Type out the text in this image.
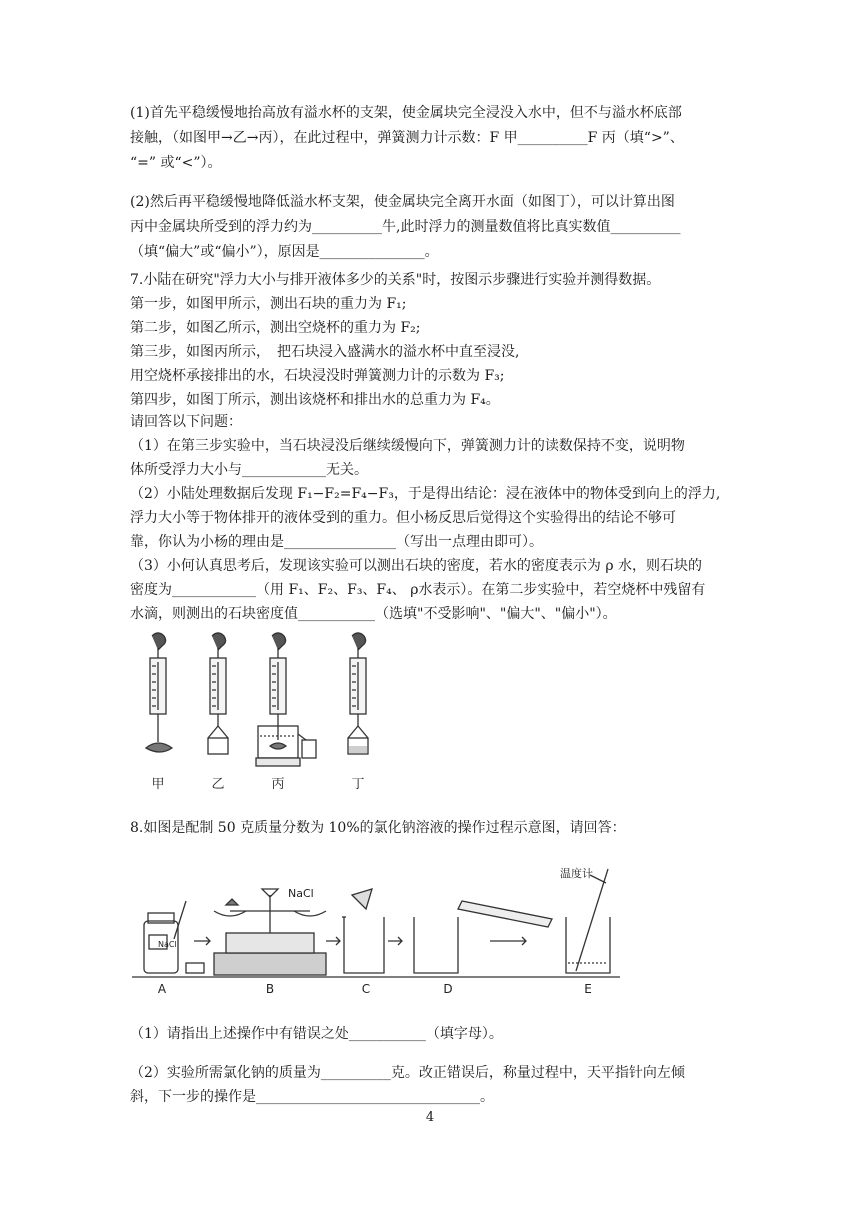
(1)首先平稳缓慢地抬高放有溢水杯的支架，使金属块完全浸没入水中，但不与溢水杯底部
接触，（如图甲→乙→丙），在此过程中，弹簧测力计示数：F 甲__________F 丙（填“>”、
“=” 或“<”）。
(2)然后再平稳缓慢地降低溢水杯支架，使金属块完全离开水面（如图丁），可以计算出图
丙中金属块所受到的浮力约为__________牛,此时浮力的测量数值将比真实数值__________
（填“偏大”或“偏小”），原因是_______________。
7.小陆在研究"浮力大小与排开液体多少的关系"时，按图示步骤进行实验并测得数据。
第一步，如图甲所示，测出石块的重力为 F₁;
第二步，如图乙所示，测出空烧杯的重力为 F₂;
第三步，如图丙所示，　把石块浸入盛满水的溢水杯中直至浸没,
用空烧杯承接排出的水，石块浸没时弹簧测力计的示数为 F₃;
第四步，如图丁所示，测出该烧杯和排出水的总重力为 F₄。
请回答以下问题：
（1）在第三步实验中，当石块浸没后继续缓慢向下，弹簧测力计的读数保持不变，说明物
体所受浮力大小与____________无关。
（2）小陆处理数据后发现 F₁−F₂=F₄−F₃，于是得出结论：浸在液体中的物体受到向上的浮力,
浮力大小等于物体排开的液体受到的重力。但小杨反思后觉得这个实验得出的结论不够可
靠，你认为小杨的理由是________________（写出一点理由即可）。
（3）小何认真思考后，发现该实验可以测出石块的密度，若水的密度表示为 ρ 水，则石块的
密度为____________（用 F₁、F₂、F₃、F₄、 ρ水表示）。在第二步实验中，若空烧杯中残留有
水滴，则测出的石块密度值___________（选填"不受影响"、"偏大"、"偏小"）。
甲	乙	丙	丁
8.如图是配制 50 克质量分数为 10%的氯化钠溶液的操作过程示意图，请回答：
NaCl
NaCl
温度计
A	B	C	D	E
（1）请指出上述操作中有错误之处___________（填字母）。
（2）实验所需氯化钠的质量为__________克。改正错误后，称量过程中，天平指针向左倾
斜，下一步的操作是________________________________。
4
